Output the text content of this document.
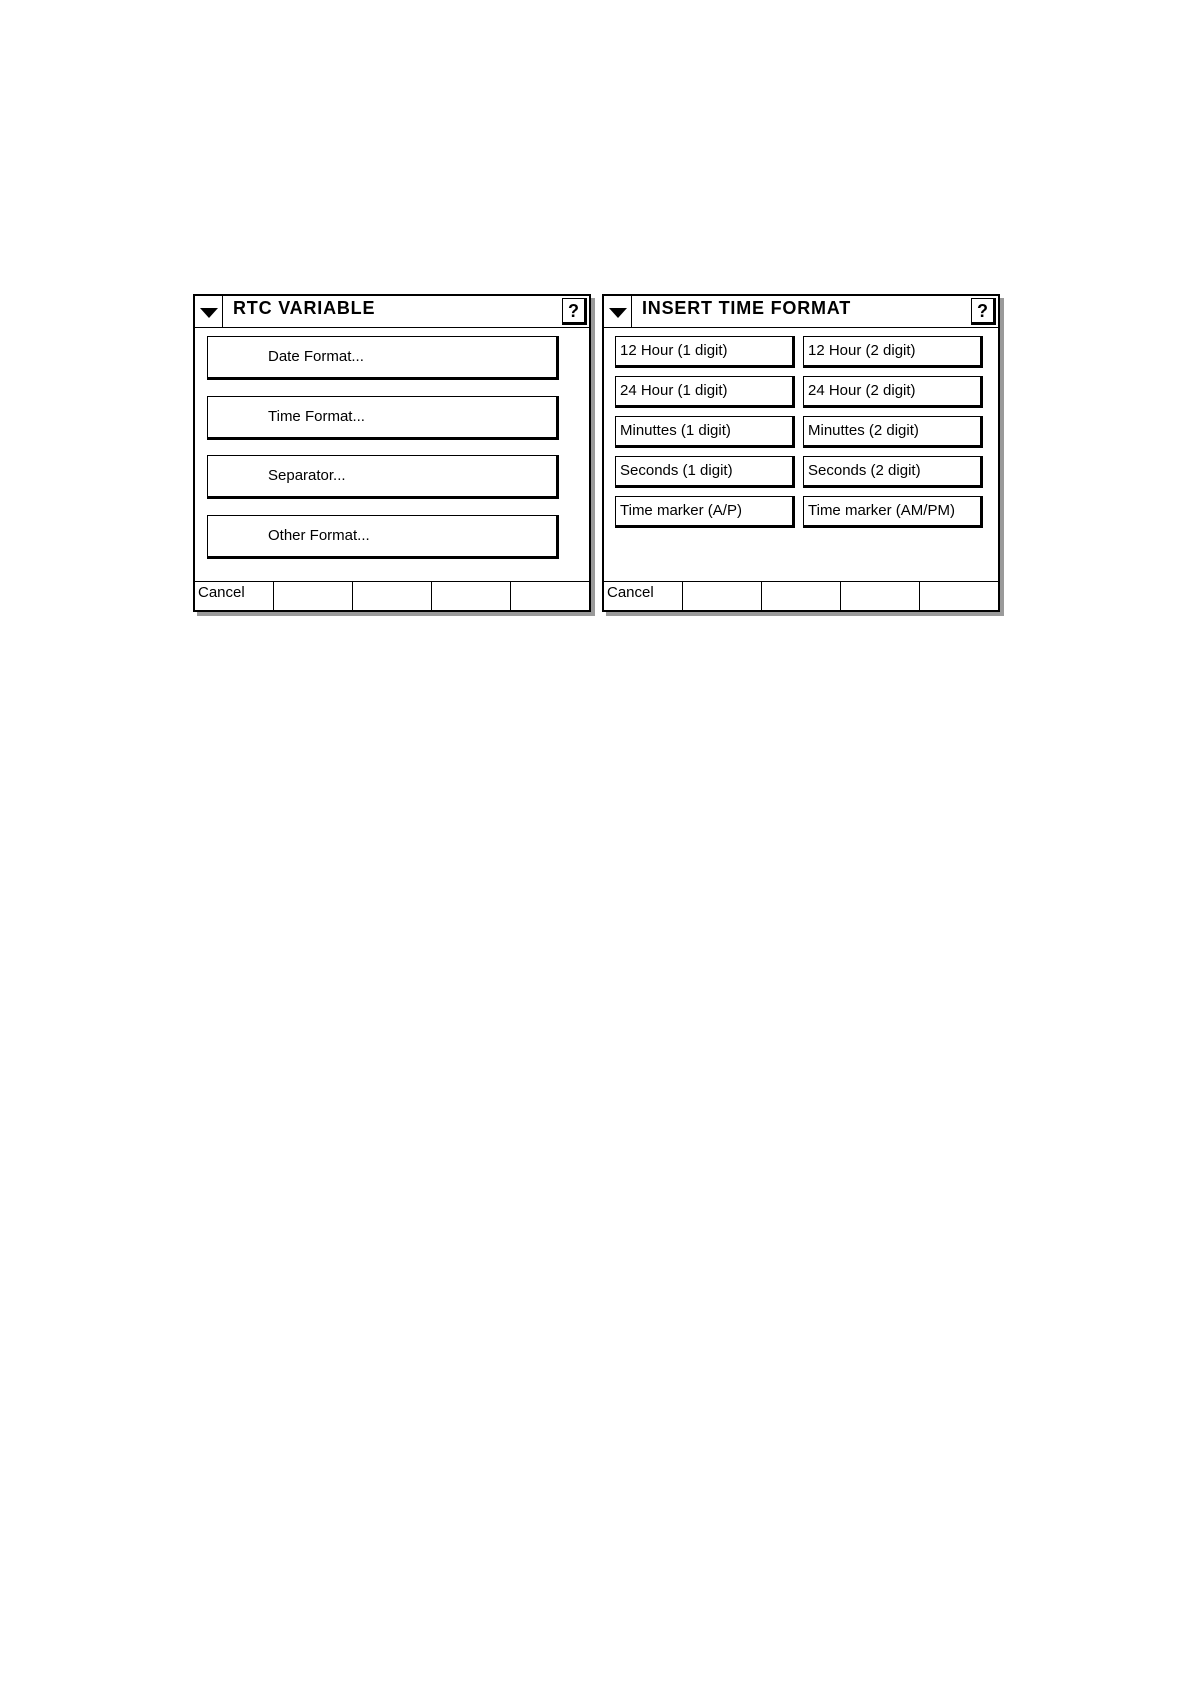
RTC VARIABLE	?
Date Format...
Time Format...
Separator...
Other Format...
Cancel
INSERT TIME FORMAT	?
12 Hour (1 digit)	12 Hour (2 digit)
24 Hour (1 digit)	24 Hour (2 digit)
Minuttes (1 digit)	Minuttes (2 digit)
Seconds (1 digit)	Seconds (2 digit)
Time marker (A/P)	Time marker (AM/PM)
Cancel
